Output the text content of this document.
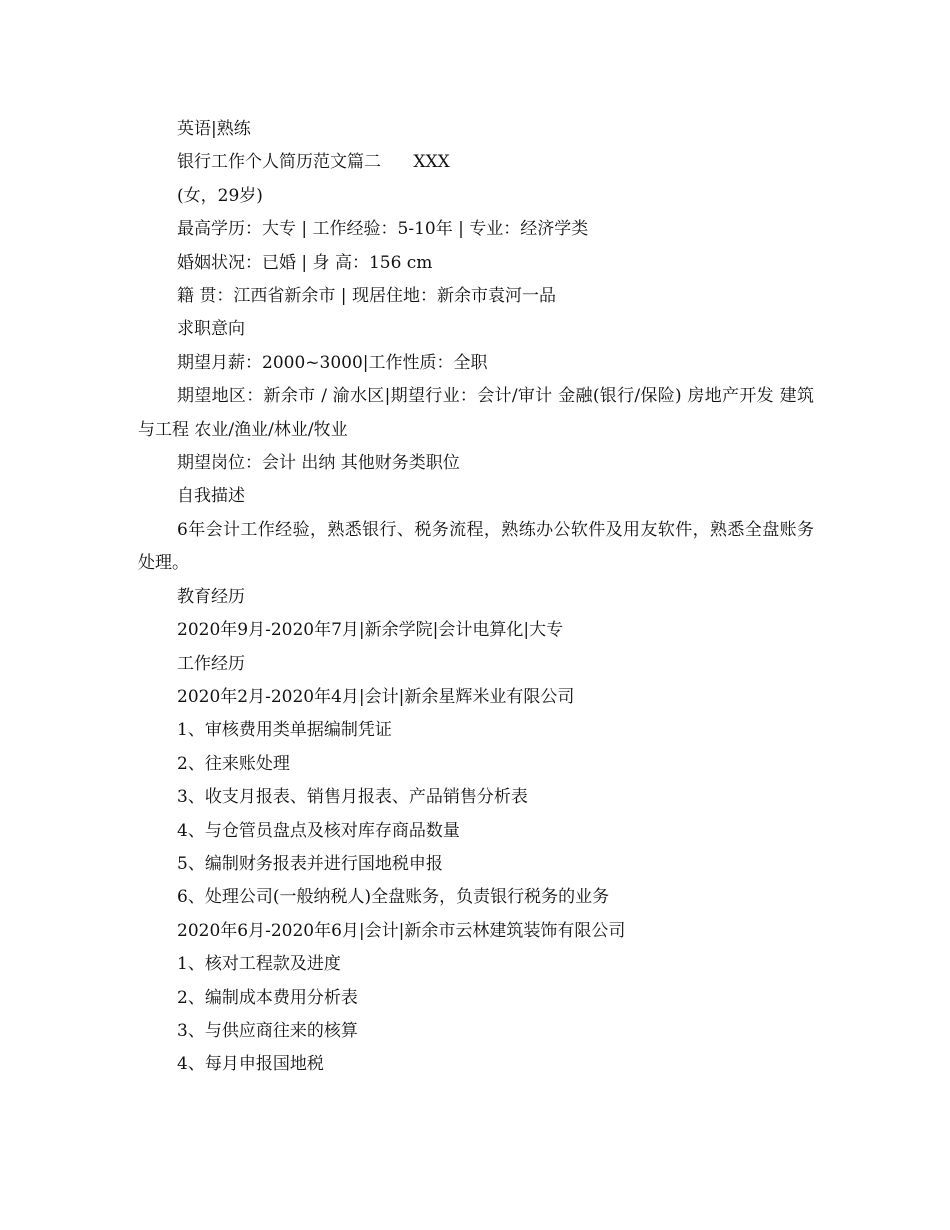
英语|熟练

银行工作个人简历范文篇二      XXX

(女，29岁)

最高学历：大专 | 工作经验：5-10年 | 专业：经济学类

婚姻状况：已婚 | 身 高：156 cm

籍 贯：江西省新余市 | 现居住地：新余市袁河一品

求职意向

期望月薪：2000~3000|工作性质：全职

期望地区：新余市 / 渝水区|期望行业：会计/审计 金融(银行/保险) 房地产开发 建筑与工程 农业/渔业/林业/牧业

期望岗位：会计 出纳 其他财务类职位

自我描述

6年会计工作经验，熟悉银行、税务流程，熟练办公软件及用友软件，熟悉全盘账务处理。

教育经历

2020年9月-2020年7月|新余学院|会计电算化|大专

工作经历

2020年2月-2020年4月|会计|新余星辉米业有限公司

1、审核费用类单据编制凭证

2、往来账处理

3、收支月报表、销售月报表、产品销售分析表

4、与仓管员盘点及核对库存商品数量

5、编制财务报表并进行国地税申报

6、处理公司(一般纳税人)全盘账务，负责银行税务的业务

2020年6月-2020年6月|会计|新余市云林建筑装饰有限公司

1、核对工程款及进度

2、编制成本费用分析表

3、与供应商往来的核算

4、每月申报国地税
